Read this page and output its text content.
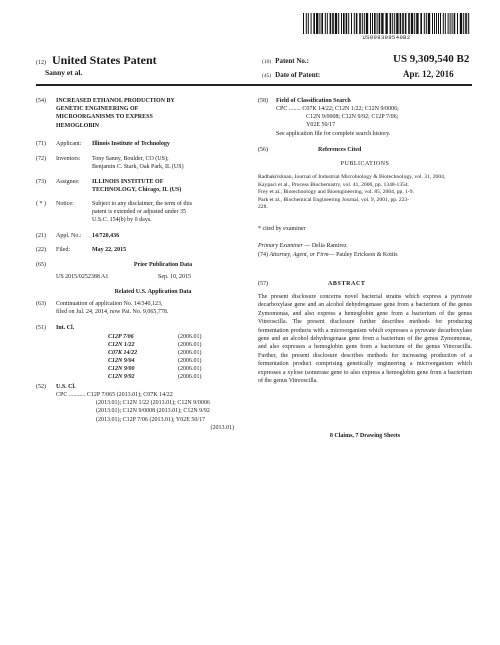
US009309540B2
(12) United States Patent
Sanny et al.
(10) Patent No.:	US 9,309,540 B2
(45) Date of Patent:	Apr. 12, 2016
(54)	INCREASED ETHANOL PRODUCTION BY
GENETIC ENGINEERING OF
MICROORGANISMS TO EXPRESS
HEMOGLOBIN
(71)	Applicant:	Illinois Institute of Technology
(72)	Inventors:	Tony Sanny, Boulder, CO (US);
Benjamin C. Stark, Oak Park, IL (US)
(73)	Assignee:	ILLINOIS INSTITUTE OF
TECHNOLOGY, Chicago, IL (US)
( * )	Notice:	Subject to any disclaimer, the term of this
patent is extended or adjusted under 35
U.S.C. 154(b) by 0 days.
(21)	Appl. No.:	14/720,436
(22)	Filed:	May 22, 2015
(65)	Prior Publication Data
US 2015/0252388 A1	Sep. 10, 2015
Related U.S. Application Data
(63)	Continuation of application No. 14/340,123,
filed on Jul. 24, 2014, now Pat. No. 9,065,778.
(51)	Int. Cl.
C12P 7/06	(2006.01)
C12N 1/22	(2006.01)
C07K 14/22	(2006.01)
C12N 9/04	(2006.01)
C12N 9/00	(2006.01)
C12N 9/92	(2006.01)
(52)	U.S. Cl.
CPC ........... C12P 7/065 (2013.01); C07K 14/22
(2013.01); C12N 1/22 (2013.01); C12N 9/0006
(2013.01); C12N 9/0008 (2013.01); C12N 9/92
(2013.01); C12P 7/06 (2013.01); Y02E 50/17
(2013.01)
(58) Field of Classification Search
CPC ........ C07K 14/22; C12N 1/22; C12N 9/0006;
C12N 9/0008; C12N 9/92; C12P 7/06;
Y02E 50/17
See application file for complete search history.
(56)	References Cited
PUBLICATIONS
Radhakrishnan, Journal of Industrial Microbiology & Biotechnology, vol. 31, 2004,
Kaypaci et al., Process Biochemistry, vol. 41, 2006, pp. 1348-1354.
Frey et al., Biotechnology and Bioengineering, vol. 85, 2004, pp. 1-9.
Park et al., Biochemical Engineering Journal, vol. 9, 2001, pp. 223-
228.
* cited by examiner
Primary Examiner — Delia Ramirez
(74) Attorney, Agent, or Firm— Pauley Erickson & Kottis
(57)	ABSTRACT
The present disclosure concerns novel bacterial strains which express a pyruvate decarboxylase gene and an alcohol dehydrogenase gene from a bacterium of the genus Zymomonas, and also express a hemoglobin gene from a bacterium of the genus Vitreoscilla. The present disclosure further describes methods for producing fermentation products with a microorganism which expresses a pyruvate decarboxylase gene and an alcohol dehydrogenase gene from a bacterium of the genus Zymomonas, and also expresses a hemoglobin gene from a bacterium of the genus Vitreoscilla. Further, the present disclosure describes methods for increasing production of a fermentation product comprising genetically engineering a microorganism which expresses a xylose isomerase gene to also express a hemoglobin gene from a bacterium of the genus Vitreoscilla.
8 Claims, 7 Drawing Sheets
